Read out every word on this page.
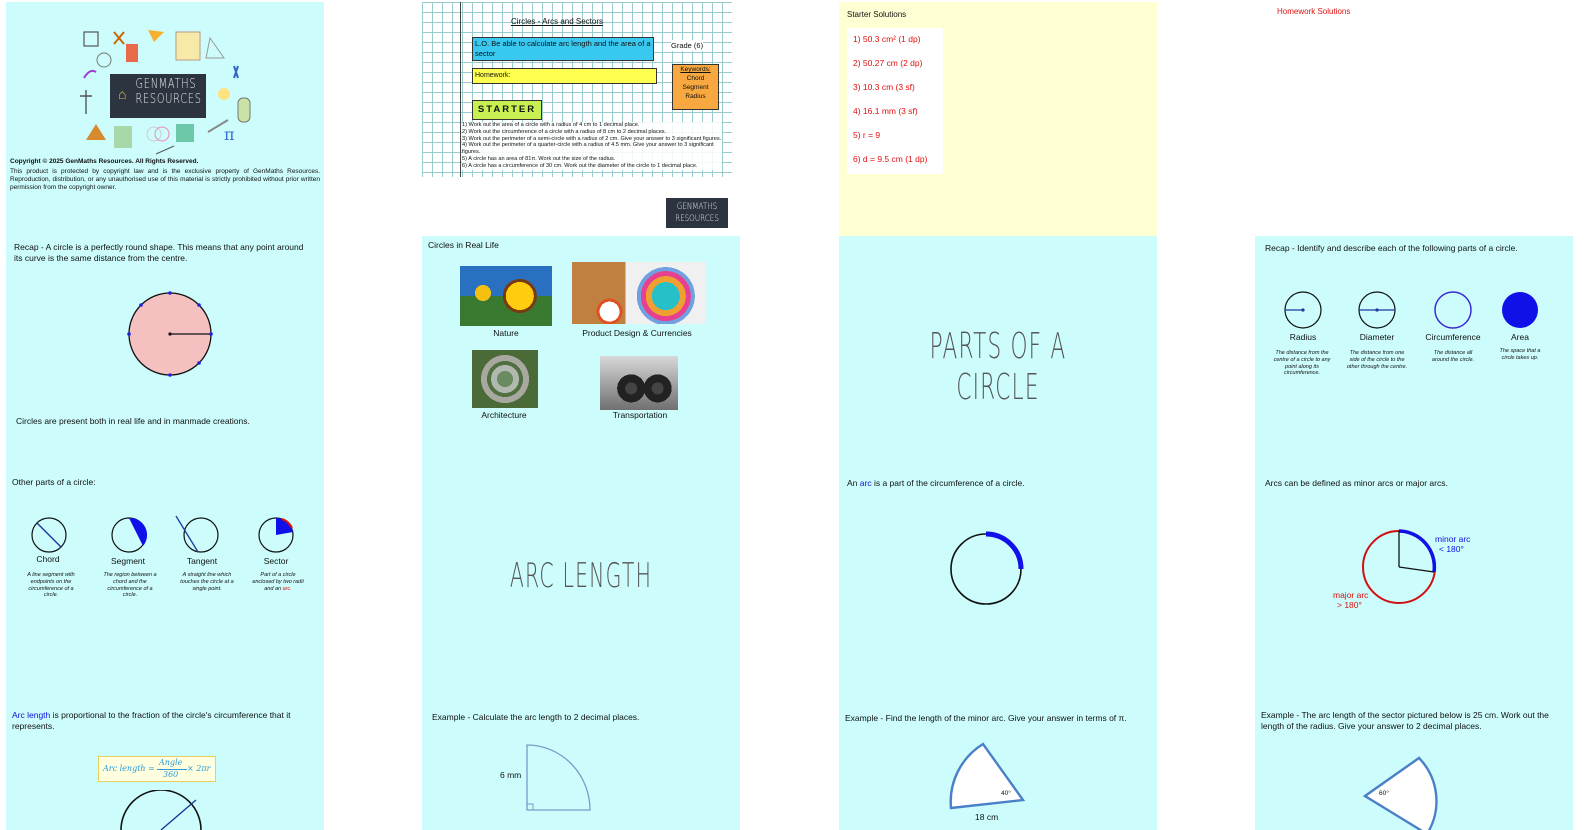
π
⌂
GENMATHS
RESOURCES
Copyright © 2025 GenMaths Resources. All Rights Reserved.
This product is protected by copyright law and is the exclusive property of GenMaths Resources. Reproduction, distribution, or any unauthorised use of this material is strictly prohibited without prior written permission from the copyright owner.
Circles - Arcs and Sectors
L.O. Be able to calculate arc length and the area of a sector
Grade (6)
Homework:
Keywords:
Chord
Segment
Radius
STARTER
1) Work out the area of a circle with a radius of 4 cm to 1 decimal place.
2) Work out the circumference of a circle with a radius of 8 cm to 2 decimal places.
3) Work out the perimeter of a semi-circle with a radius of 2 cm. Give your answer to 3 significant figures.
4) Work out the perimeter of a quarter-circle with a radius of 4.5 mm. Give your answer to 3 significant figures.
5) A circle has an area of 81π. Work out the size of the radius.
6) A circle has a circumference of 30 cm. Work out the diameter of the circle to 1 decimal place.
GENMATHS
RESOURCES
Starter Solutions
1) 50.3 cm² (1 dp)
2) 50.27 cm (2 dp)
3) 10.3 cm (3 sf)
4) 16.1 mm (3 sf)
5) r = 9
6) d = 9.5 cm (1 dp)
Homework Solutions
Recap - A circle is a perfectly round shape. This means that any point around its curve is the same distance from the centre.
Circles are present both in real life and in manmade creations.
Circles in Real Life
Nature	Product Design & Currencies
Architecture	Transportation
PARTS OF A CIRCLE
Recap - Identify and describe each of the following parts of a circle.
Radius	Diameter	Circumference	Area
The distance from the centre of a circle to any point along its circumference.
The distance from one side of the circle to the other through the centre.
The distance all around the circle.
The space that a circle takes up.
Other parts of a circle:
Chord	Segment	Tangent	Sector
A line segment with endpoints on the circumference of a circle.
The region between a chord and the circumference of a circle.
A straight line which touches the circle at a single point.
Part of a circle enclosed by two radii and an arc.	ARC LENGTH
An arc is a part of the circumference of a circle.	Arcs can be defined as minor arcs or major arcs.
minor arc
< 180°
major arc
> 180°
Arc length is proportional to the fraction of the circle's circumference that it represents.
Arc length =
Angle
360
× 2πr
Example - Calculate the arc length to 2 decimal places.
6 mm
Example - Find the length of the minor arc. Give your answer in terms of π.
40°
18 cm
Example - The arc length of the sector pictured below is 25 cm. Work out the length of the radius. Give your answer to 2 decimal places.
60°
